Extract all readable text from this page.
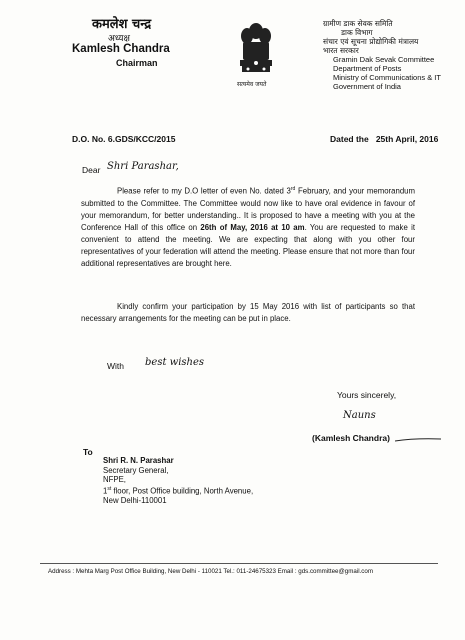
कमलेश चन्द्र
अध्यक्ष
Kamlesh Chandra
Chairman
सत्यमेव जयते
ग्रामीण डाक सेवक समिति
डाक विभाग
संचार एवं सूचना प्रोद्योगिकी मंत्रालय
भारत सरकार
Gramin Dak Sevak Committee
Department of Posts
Ministry of Communications & IT
Government of India
D.O. No. 6.GDS/KCC/2015	Dated the 25th April, 2016
Dear Shri Parashar,
Please refer to my D.O letter of even No. dated 3rd February, and your memorandum submitted to the Committee. The Committee would now like to have oral evidence in favour of your memorandum, for better understanding.. It is proposed to have a meeting with you at the Conference Hall of this office on 26th of May, 2016 at 10 am. You are requested to make it convenient to attend the meeting. We are expecting that along with you other four representatives of your federation will attend the meeting. Please ensure that not more than four additional representatives are brought here.
Kindly confirm your participation by 15 May 2016 with list of participants so that necessary arrangements for the meeting can be put in place.
With best wishes
Yours sincerely,
Nauns
(Kamlesh Chandra)
To
Shri R. N. Parashar
Secretary General,
NFPE,
1st floor, Post Office building, North Avenue,
New Delhi-110001
Address : Mehta Marg Post Office Building, New Delhi - 110021 Tel.: 011-24675323 Email : gds.committee@gmail.com
